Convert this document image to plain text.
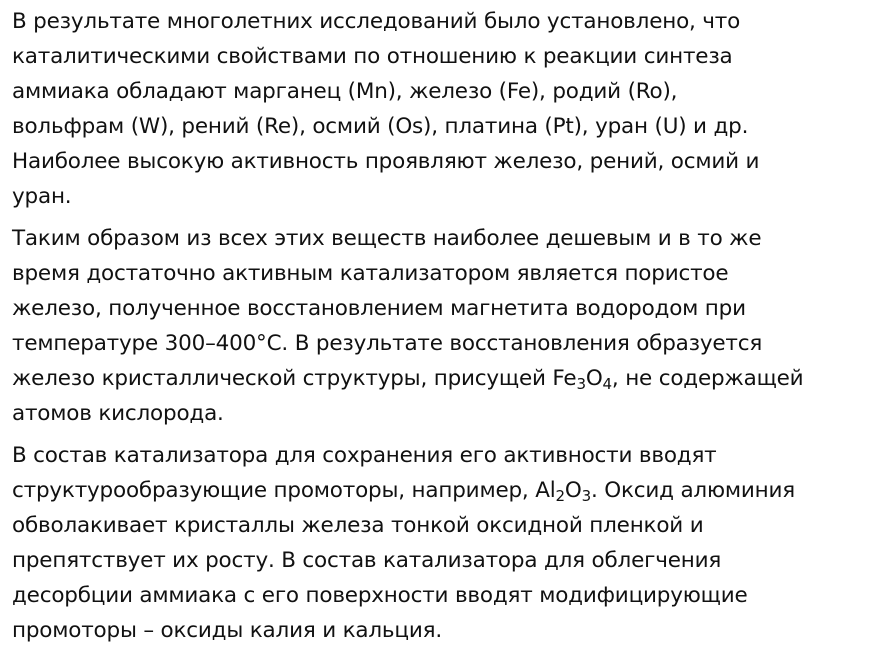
В результате многолетних исследований было установлено, что
каталитическими свойствами по отношению к реакции синтеза
аммиака обладают марганец (Mn), железо (Fe), родий (Ro),
вольфрам (W), рений (Re), осмий (Os), платина (Pt), уран (U) и др.
Наиболее высокую активность проявляют железо, рений, осмий и
уран.

Таким образом из всех этих веществ наиболее дешевым и в то же
время достаточно активным катализатором является пористое
железо, полученное восстановлением магнетита водородом при
температуре 300–400°С. В результате восстановления образуется
железо кристаллической структуры, присущей $Fe_3O_4$, не содержащей
атомов кислорода.

В состав катализатора для сохранения его активности вводят
структурообразующие промоторы, например, $Al_2O_3$. Оксид алюминия
обволакивает кристаллы железа тонкой оксидной пленкой и
препятствует их росту. В состав катализатора для облегчения
десорбции аммиака с его поверхности вводят модифицирующие
промоторы – оксиды калия и кальция.
